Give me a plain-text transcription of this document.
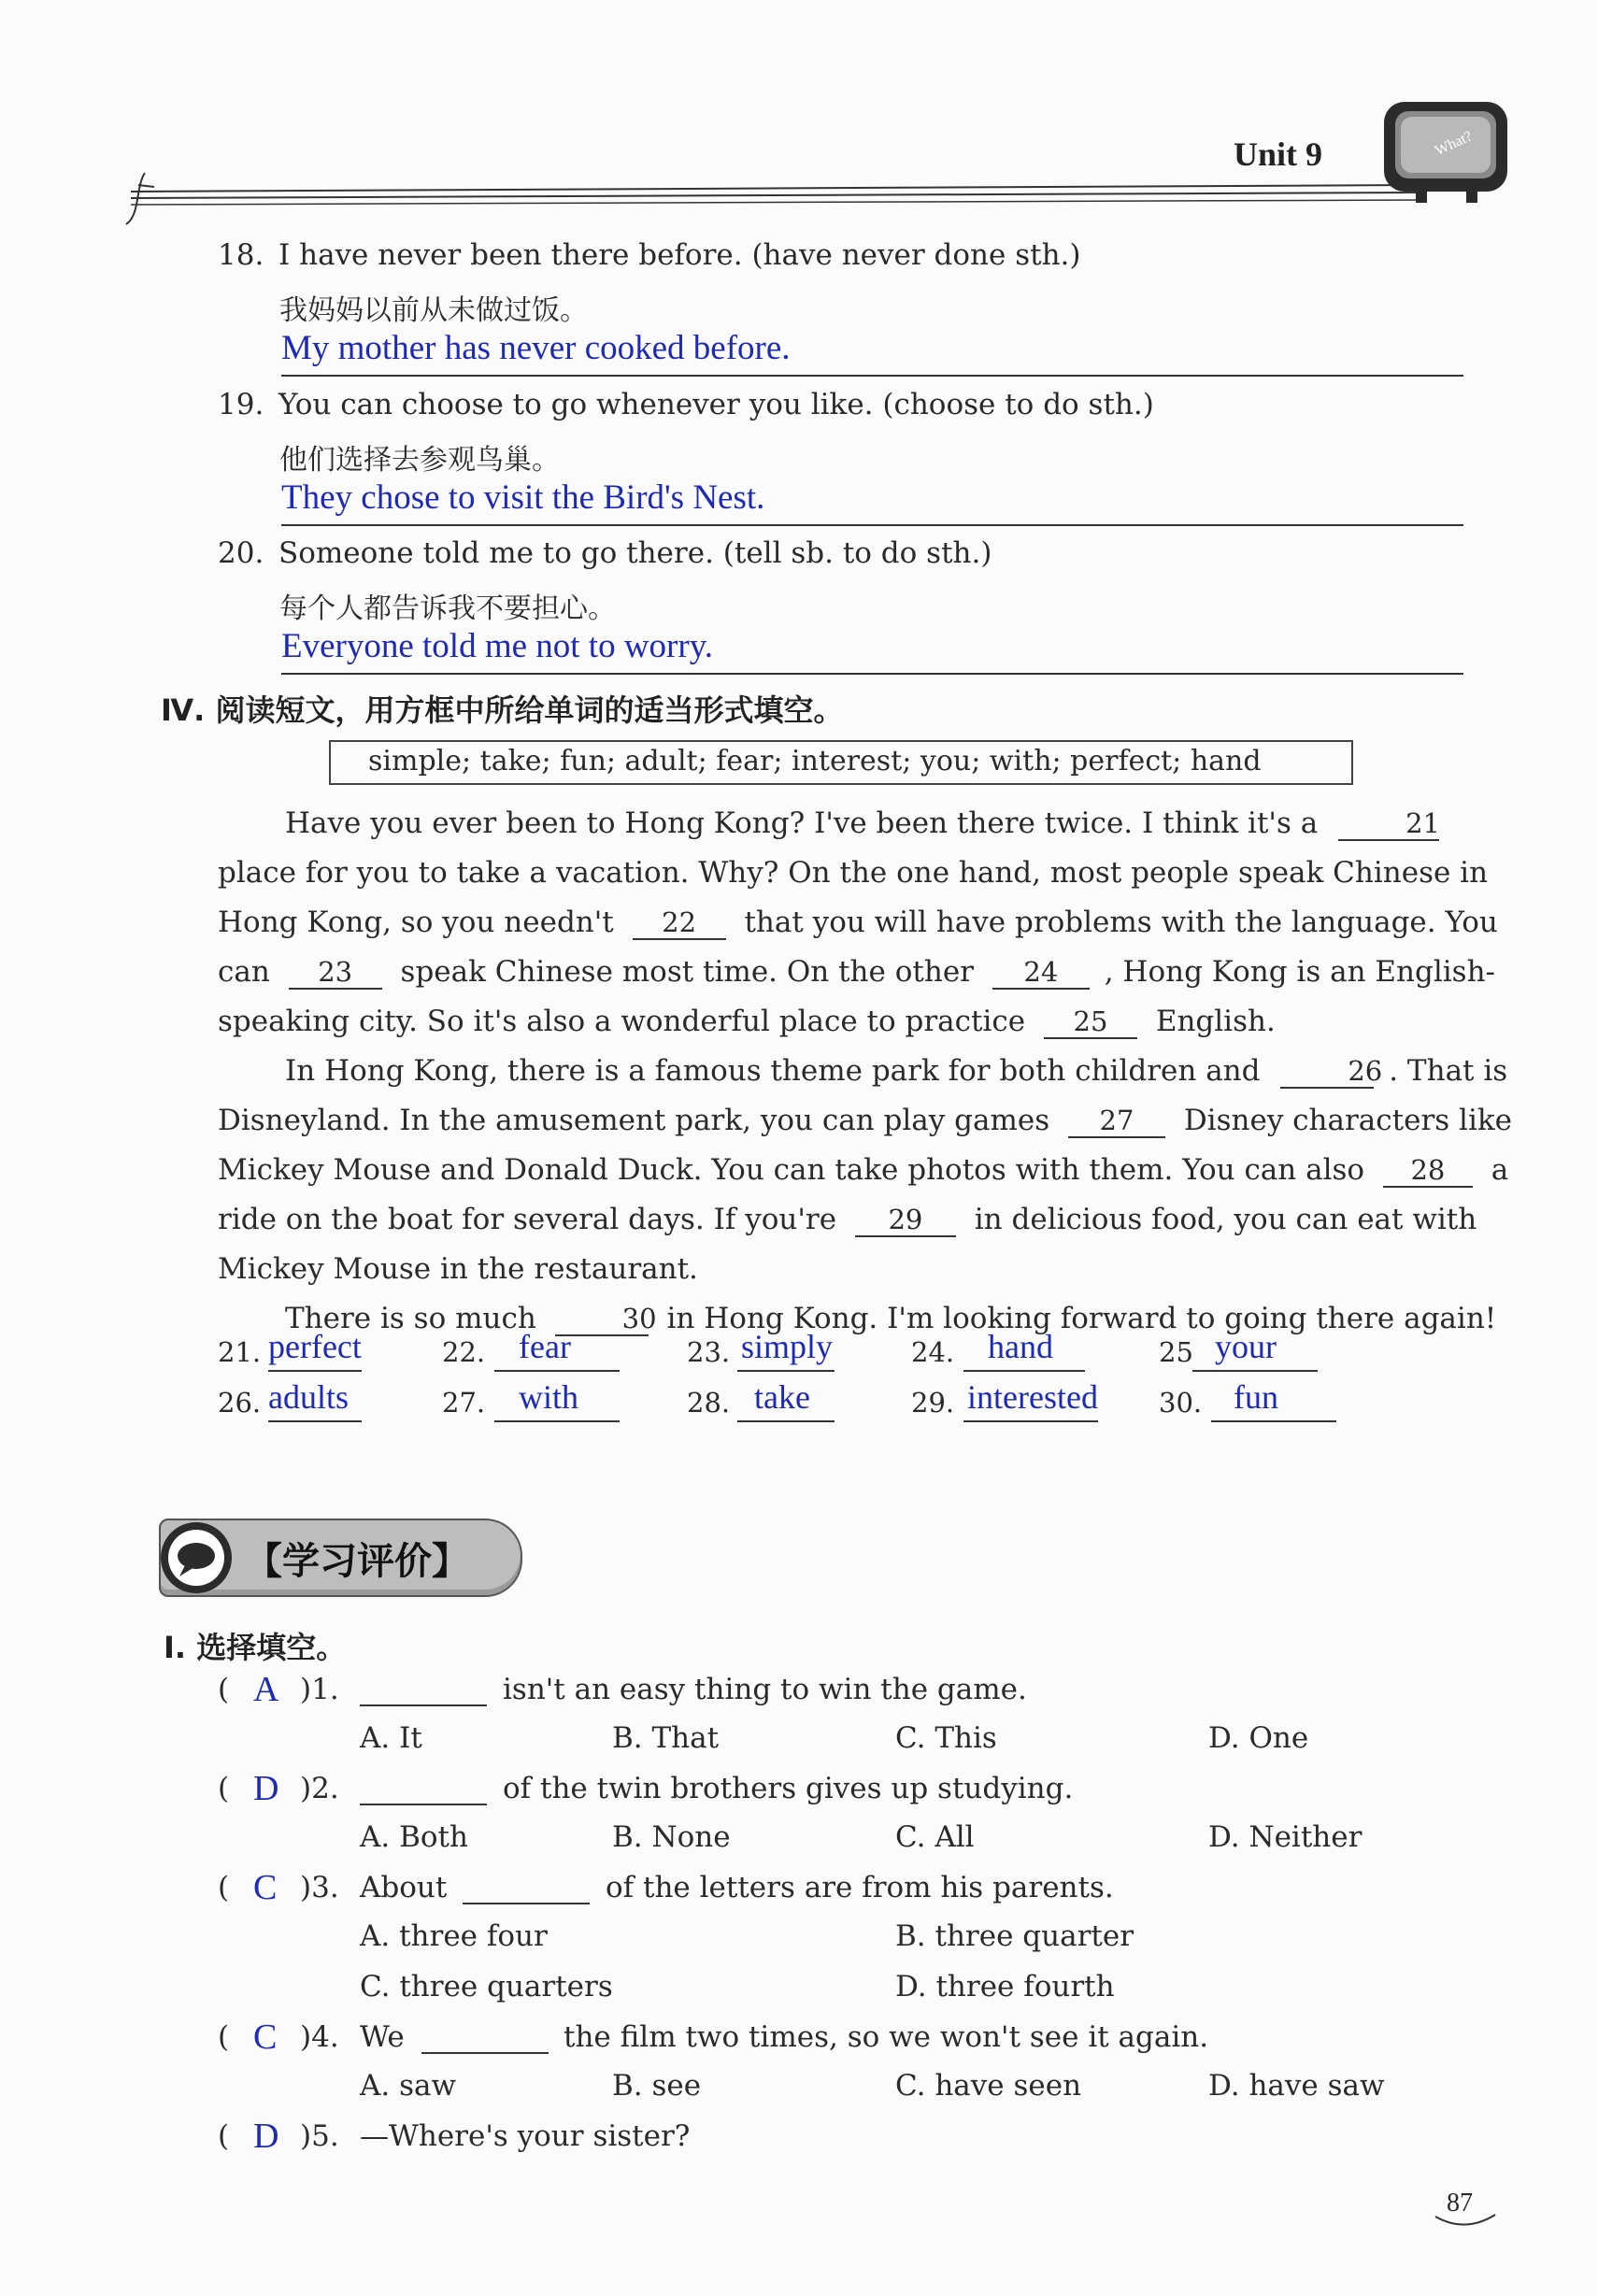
Unit 9	What?
18. I have never been there before. (have never done sth.)
我妈妈以前从未做过饭。
My mother has never cooked before.
19. You can choose to go whenever you like. (choose to do sth.)
他们选择去参观鸟巢。
They chose to visit the Bird's Nest.
20. Someone told me to go there. (tell sb. to do sth.)
每个人都告诉我不要担心。
Everyone told me not to worry.
Ⅳ. 阅读短文，用方框中所给单词的适当形式填空。
simple; take; fun; adult; fear; interest; you; with; perfect; hand
Have you ever been to Hong Kong? I've been there twice. I think it's a	21
place for you to take a vacation. Why? On the one hand, most people speak Chinese in
Hong Kong, so you needn't 22 that you will have problems with the language. You
can 23 speak Chinese most time. On the other 24 , Hong Kong is an English-
speaking city. So it's also a wonderful place to practice 25 English.
In Hong Kong, there is a famous theme park for both children and	26 . That is
Disneyland. In the amusement park, you can play games 27 Disney characters like
Mickey Mouse and Donald Duck. You can take photos with them. You can also 28 a
ride on the boat for several days. If you're 29 in delicious food, you can eat with
Mickey Mouse in the restaurant.
There is so much	30 in Hong Kong. I'm looking forward to going there again!
21. perfect	22. fear	23. simply	24. hand	25 your
26. adults	27. with	28. take	29. interested 30. fun
【学习评价】
Ⅰ. 选择填空。
( A )1.	isn't an easy thing to win the game.
A. It	B. That	C. This	D. One
( D )2.	of the twin brothers gives up studying.
A. Both	B. None	C. All	D. Neither
( C )3. About	of the letters are from his parents.
A. three four	B. three quarter
C. three quarters	D. three fourth
( C )4. We	the film two times, so we won't see it again.
A. saw	B. see	C. have seen	D. have saw
( D )5. —Where's your sister?
87
